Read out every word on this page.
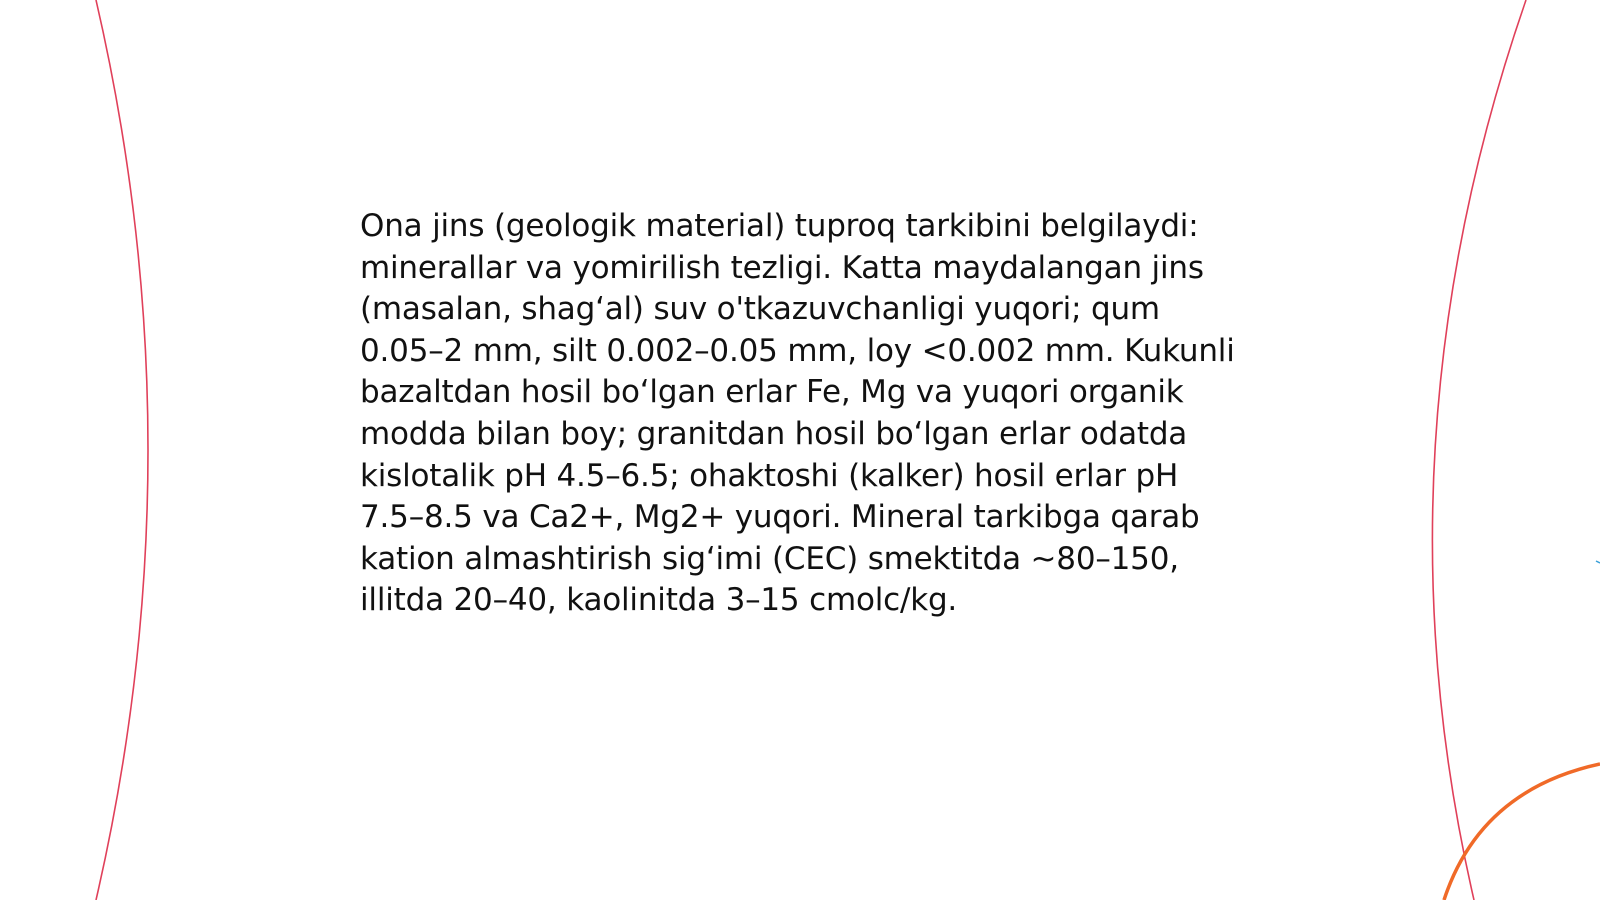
Ona jins (geologik material) tuproq tarkibini belgilaydi: minerallar va yomirilish tezligi. Katta maydalangan jins (masalan, shag‘al) suv o'tkazuvchanligi yuqori; qum 0.05–2 mm, silt 0.002–0.05 mm, loy <0.002 mm. Kukunli bazaltdan hosil bo‘lgan erlar Fe, Mg va yuqori organik modda bilan boy; granitdan hosil bo‘lgan erlar odatda kislotalik pH 4.5–6.5; ohaktoshi (kalker) hosil erlar pH 7.5–8.5 va Ca2+, Mg2+ yuqori. Mineral tarkibga qarab kation almashtirish sig‘imi (CEC) smektitda ~80–150, illitda 20–40, kaolinitda 3–15 cmolc/kg.
